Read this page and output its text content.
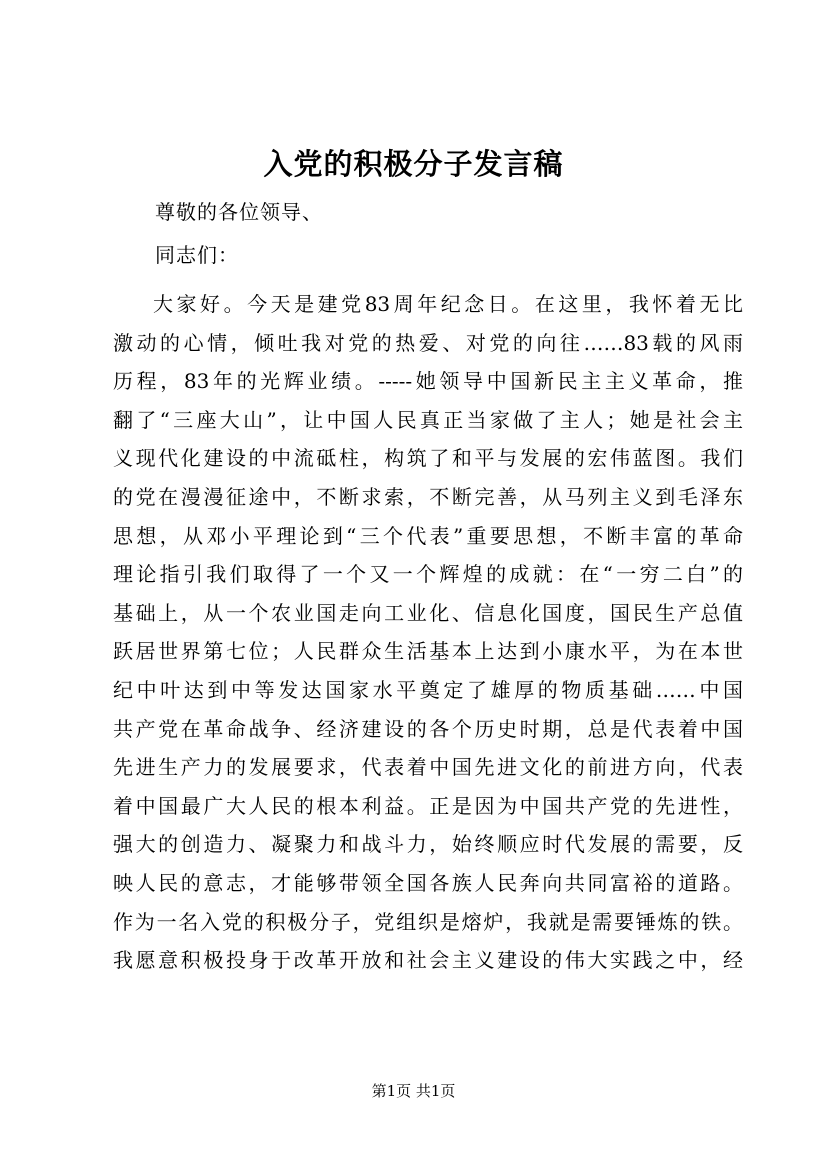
入党的积极分子发言稿

尊敬的各位领导、

同志们：

大家好。今天是建党83周年纪念日。在这里，我怀着无比
激动的心情，倾吐我对党的热爱、对党的向往……83载的风雨
历程，83年的光辉业绩。-----她领导中国新民主主义革命，推
翻了“三座大山”，让中国人民真正当家做了主人；她是社会主
义现代化建设的中流砥柱，构筑了和平与发展的宏伟蓝图。我们
的党在漫漫征途中，不断求索，不断完善，从马列主义到毛泽东
思想，从邓小平理论到“三个代表”重要思想，不断丰富的革命
理论指引我们取得了一个又一个辉煌的成就：在“一穷二白”的
基础上，从一个农业国走向工业化、信息化国度，国民生产总值
跃居世界第七位；人民群众生活基本上达到小康水平，为在本世
纪中叶达到中等发达国家水平奠定了雄厚的物质基础……中国
共产党在革命战争、经济建设的各个历史时期，总是代表着中国
先进生产力的发展要求，代表着中国先进文化的前进方向，代表
着中国最广大人民的根本利益。正是因为中国共产党的先进性，
强大的创造力、凝聚力和战斗力，始终顺应时代发展的需要，反
映人民的意志，才能够带领全国各族人民奔向共同富裕的道路。
作为一名入党的积极分子，党组织是熔炉，我就是需要锤炼的铁。
我愿意积极投身于改革开放和社会主义建设的伟大实践之中，经
第1页 共1页
